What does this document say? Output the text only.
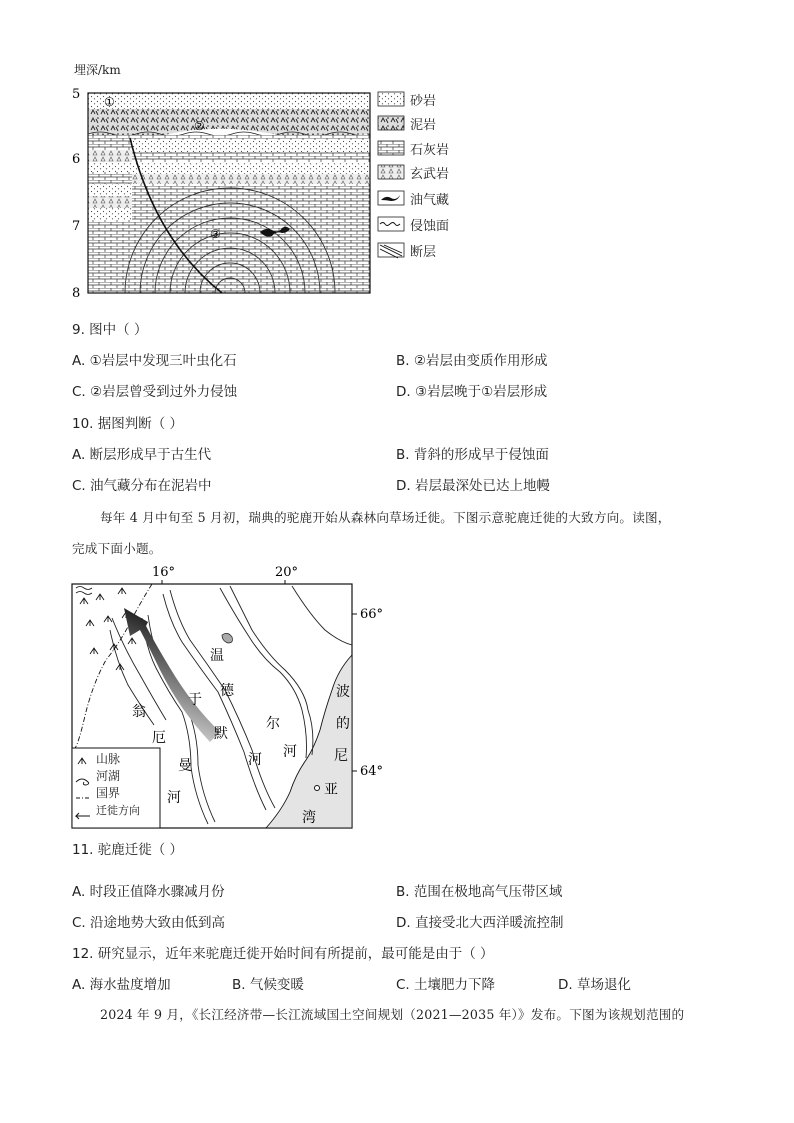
埋深/km
5
6
7
8
①
②
③
砂岩
泥岩
石灰岩
玄武岩
油气藏
侵蚀面
断层
9. 图中（ ）
A. ①岩层中发现三叶虫化石	B. ②岩层由变质作用形成
C. ②岩层曾受到过外力侵蚀	D. ③岩层晚于①岩层形成
10. 据图判断（ ）
A. 断层形成早于古生代	B. 背斜的形成早于侵蚀面
C. 油气藏分布在泥岩中	D. 岩层最深处已达上地幔
每年 4 月中旬至 5 月初，瑞典的驼鹿开始从森林向草场迁徙。下图示意驼鹿迁徙的大致方向。读图，
完成下面小题。
16°	20°
66°
64°
温
德
尔
河
于
默
河
翁
厄
曼
河
波
的
尼
亚
湾
山脉
河湖
国界
迁徙方向
11. 驼鹿迁徙（ ）
A. 时段正值降水骤减月份	B. 范围在极地高气压带区域
C. 沿途地势大致由低到高	D. 直接受北大西洋暖流控制
12. 研究显示，近年来驼鹿迁徙开始时间有所提前，最可能是由于（ ）
A. 海水盐度增加	B. 气候变暖	C. 土壤肥力下降	D. 草场退化
2024 年 9 月，《长江经济带—长江流域国土空间规划（2021—2035 年）》发布。下图为该规划范围的
